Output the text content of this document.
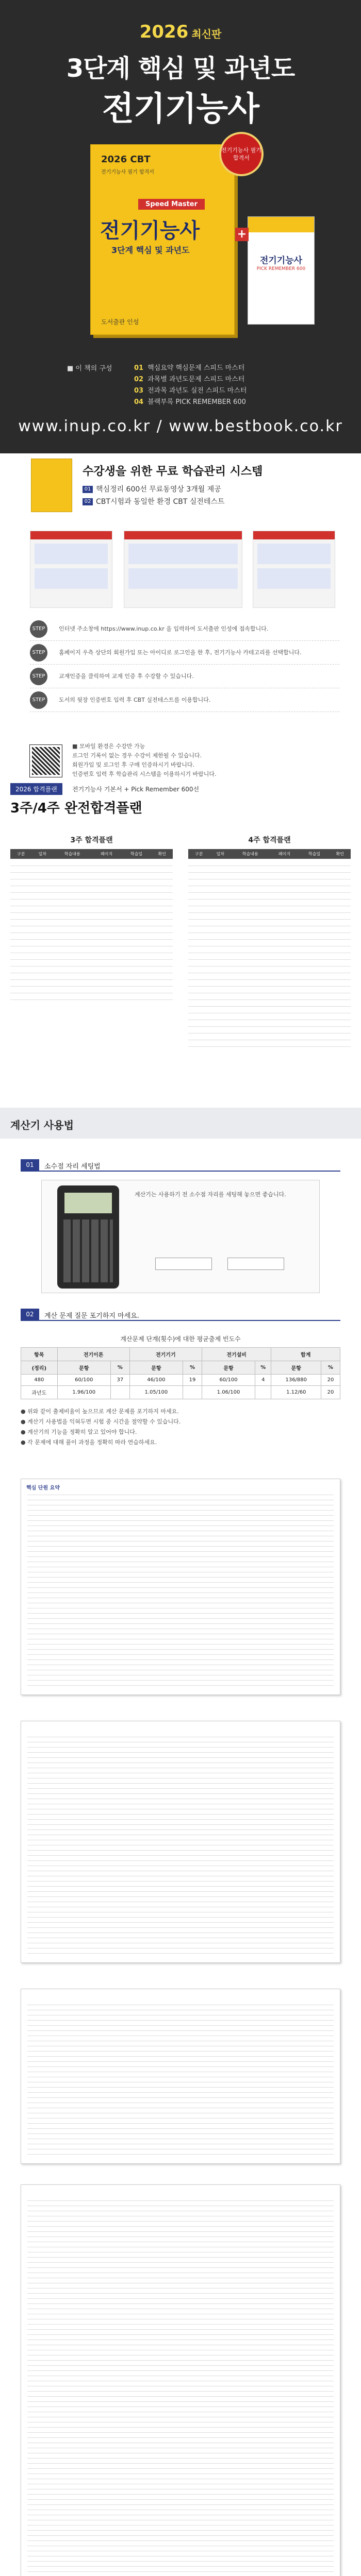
2026 최신판
3단계 핵심 및 과년도
전기기능사
2026 CBT
전기기능사 필기 합격서
Speed Master
전기기능사
3단계 핵심 및 과년도
도서출판 인성
전기기능사 필기 합격서
전기기능사
PICK REMEMBER 600
+
■ 이 책의 구성	01 핵심요약 핵심문제 스피드 마스터
02 과목별 과년도문제 스피드 마스터
03 전과목 과년도 실전 스피드 마스터
04 블랙부록 PICK REMEMBER 600
www.inup.co.kr / www.bestbook.co.kr
수강생을 위한 무료 학습관리 시스템
01 핵심정리 600선 무료동영상 3개월 제공
02 CBT시험과 동일한 환경 CBT 실전테스트
STEP	인터넷 주소창에 https://www.inup.co.kr 을 입력하여 도서출판 인성에 접속합니다.
STEP	홈페이지 우측 상단의 회원가입 또는 아이디로 로그인을 한 후, 전기기능사 카테고리를 선택합니다.
STEP	교재인증을 클릭하여 교재 인증 후 수강할 수 있습니다.
STEP 4
도서의 뒷장 인증번호 입력 후 CBT 실전테스트를 이용합니다.
■ 모바일 환경은 수강만 가능
로그인 기록이 없는 경우 수강이 제한될 수 있습니다.
회원가입 및 로그인 후 구매 인증하시기 바랍니다.
인증번호 입력 후 학습관리 시스템을 이용하시기 바랍니다.
2026 합격플랜	전기기능사 기본서 + Pick Remember 600선
3주/4주 완전합격플랜
3주 합격플랜
구분	일차	학습내용	페이지	학습일	확인

4주 합격플랜
구분	일차	학습내용	페이지	학습일	확인

계산기 사용법
01	소수점 자리 세팅법
계산기는 사용하기 전 소수점 자리를 세팅해 놓으면 좋습니다.
02	계산 문제 질문 포기하지 마세요.
계산문제 단계(횟수)에 대한 평균출제 빈도수
항목	전기이론		전기기기		전기설비		합계	
(정리)	문항	%	문항	%	문항	%	문항	%
480	60/100	37	46/100	19	60/100	4	136/880	20
과년도	1.96/100		1.05/100		1.06/100		1.12/60	20
● 위와 같이 출제비율이 높으므로 계산 문제를 포기하지 마세요.
● 계산기 사용법을 익혀두면 시험 중 시간을 절약할 수 있습니다.
● 계산기의 기능을 정확히 알고 있어야 합니다.
● 각 문제에 대해 풀이 과정을 정확히 따라 연습하세요.
핵심 단원 요약
